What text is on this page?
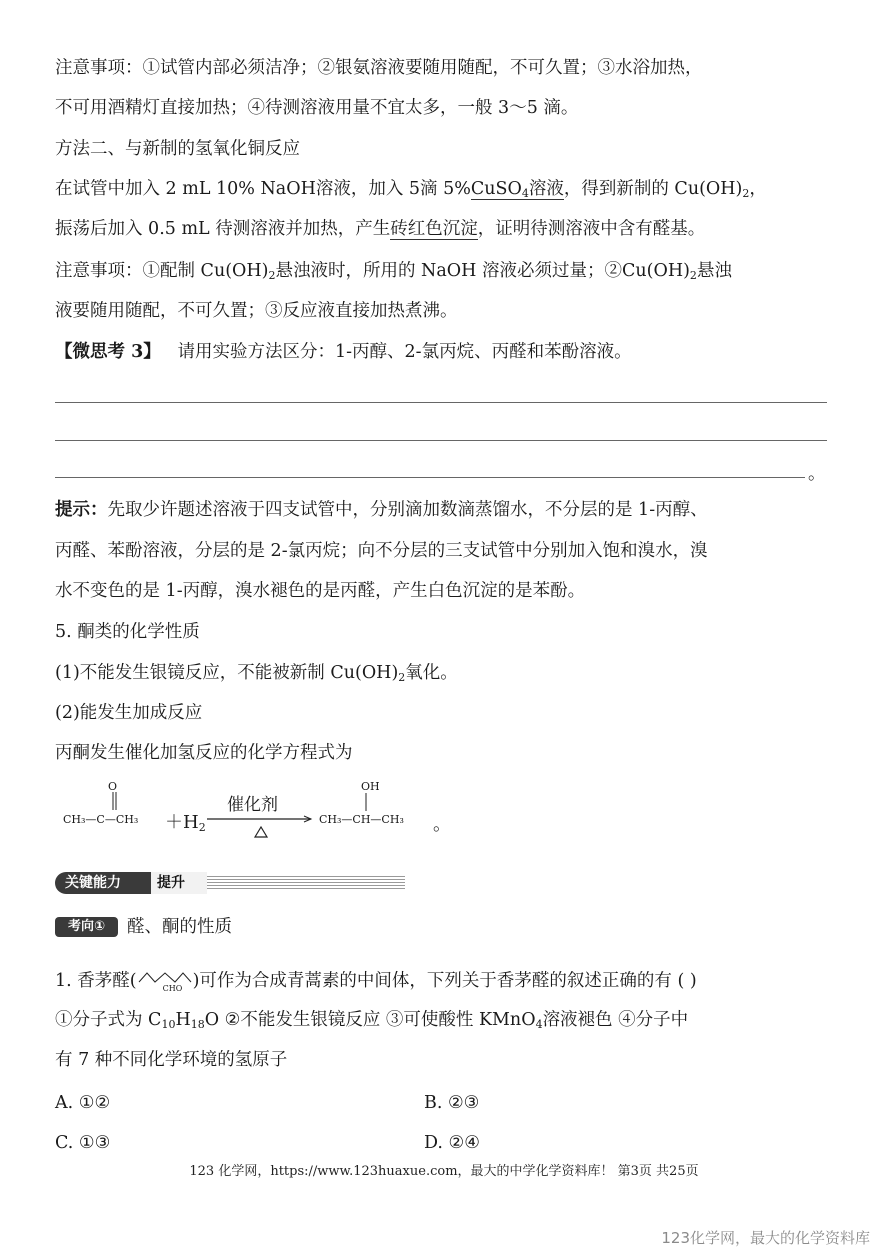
注意事项：①试管内部必须洁净；②银氨溶液要随用随配，不可久置；③水浴加热，
不可用酒精灯直接加热；④待测溶液用量不宜太多，一般 3～5 滴。
方法二、与新制的氢氧化铜反应
在试管中加入 2 mL 10% NaOH溶液，加入 5滴 5%CuSO$_4$溶液，得到新制的 $Cu(OH)_2$，
振荡后加入 0.5 mL 待测溶液并加热，产生砖红色沉淀，证明待测溶液中含有醛基。
注意事项：①配制 $Cu(OH)_2$悬浊液时，所用的 NaOH 溶液必须过量；$②Cu(OH)_2$悬浊
液要随用随配，不可久置；③反应液直接加热煮沸。
【微思考 3】 请用实验方法区分：1-丙醇、2-氯丙烷、丙醛和苯酚溶液。
。
提示：先取少许题述溶液于四支试管中，分别滴加数滴蒸馏水，不分层的是 1-丙醇、
丙醛、苯酚溶液，分层的是 2-氯丙烷；向不分层的三支试管中分别加入饱和溴水，溴
水不变色的是 1-丙醇，溴水褪色的是丙醛，产生白色沉淀的是苯酚。
5. 酮类的化学性质
(1)不能发生银镜反应，不能被新制 $Cu(OH)_2$氧化。
(2)能发生加成反应
丙酮发生催化加氢反应的化学方程式为
O
CH₃—C—CH₃ $+H_2$
催化剂
OH
CH₃—CH—CH₃ 。
关键能力	提升
考向①	醛、酮的性质
1. 香茅醛(	CHO )可作为合成青蒿素的中间体，下列关于香茅醛的叙述正确的有 ( )
①分子式为 $C_{10}H_{18}O$ ②不能发生银镜反应 ③可使酸性 KMnO$_4$溶液褪色 ④分子中
有 7 种不同化学环境的氢原子
A. ①②	B. ②③
C. ①③	D. ②④
123 化学网，https://www.123huaxue.com，最大的中学化学资料库！ 第3页 共25页
123化学网，最大的化学资料库
